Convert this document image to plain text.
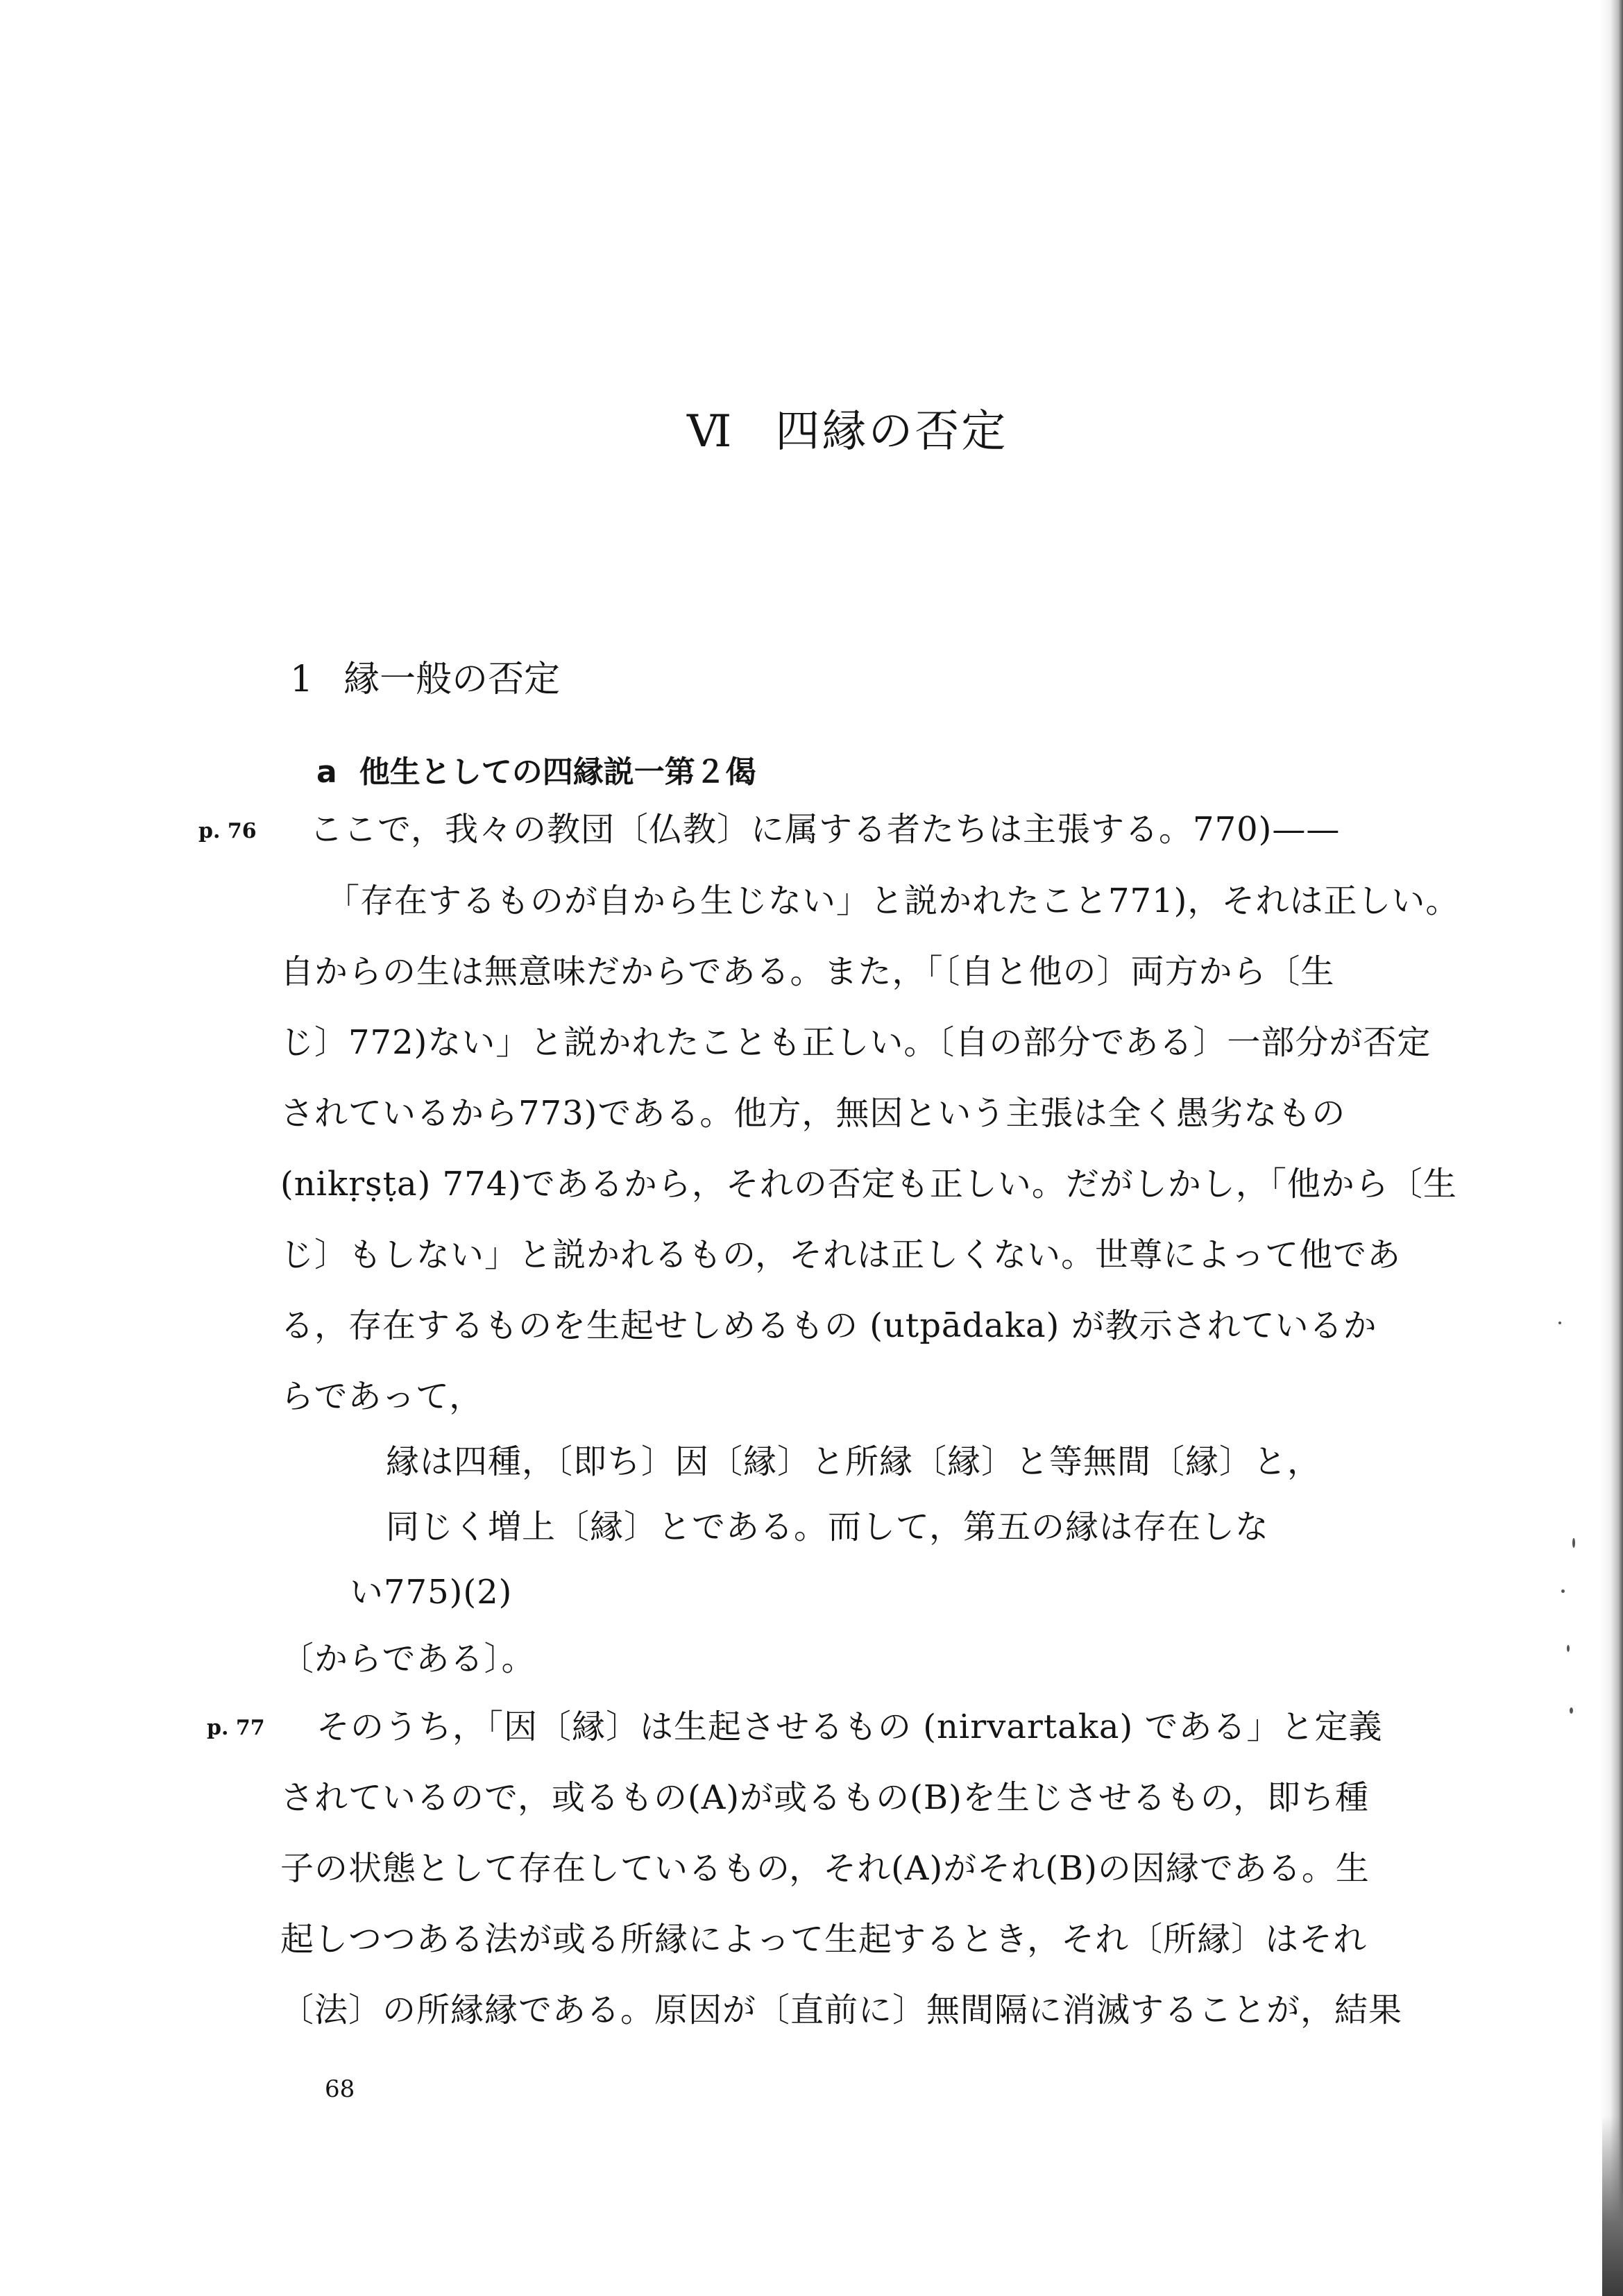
Ⅵ 四縁の否定
1 縁一般の否定
a 他生としての四縁説一第２偈
p. 76
p. 77
ここで，我々の教団〔仏教〕に属する者たちは主張する。770)——
「存在するものが自から生じない」と説かれたこと771)，それは正しい。
自からの生は無意味だからである。また，「〔自と他の〕両方から〔生
じ〕772)ない」と説かれたことも正しい。〔自の部分である〕一部分が否定
されているから773)である。他方，無因という主張は全く愚劣なもの
(nikṛṣṭa) 774)であるから，それの否定も正しい。だがしかし，「他から〔生
じ〕もしない」と説かれるもの，それは正しくない。世尊によって他であ
る，存在するものを生起せしめるもの (utpādaka) が教示されているか
らであって，
縁は四種，〔即ち〕因〔縁〕と所縁〔縁〕と等無間〔縁〕と，
同じく増上〔縁〕とである。而して，第五の縁は存在しな
い775)(2)
〔からである〕。
そのうち，「因〔縁〕は生起させるもの (nirvartaka) である」と定義
されているので，或るもの(A)が或るもの(B)を生じさせるもの，即ち種
子の状態として存在しているもの，それ(A)がそれ(B)の因縁である。生
起しつつある法が或る所縁によって生起するとき，それ〔所縁〕はそれ
〔法〕の所縁縁である。原因が〔直前に〕無間隔に消滅することが，結果
68
